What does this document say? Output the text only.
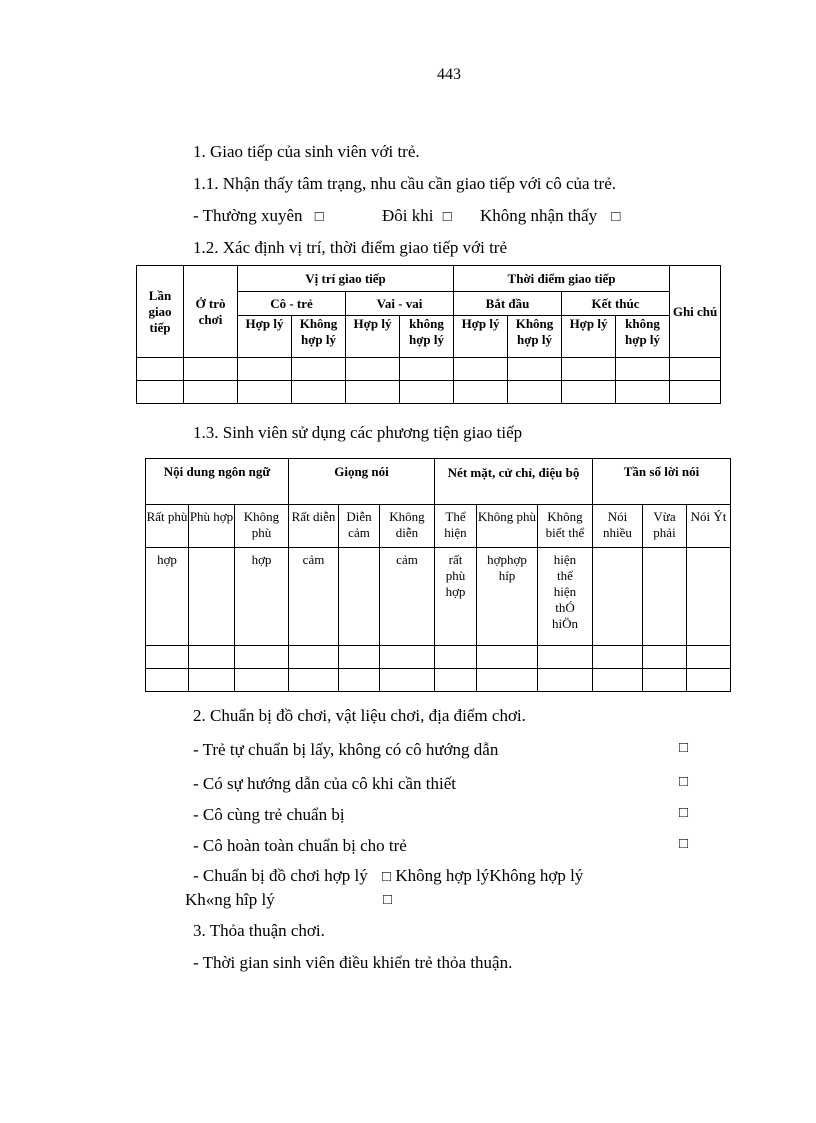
443
1. Giao tiếp của sinh viên với trẻ.
1.1. Nhận thấy tâm trạng, nhu cầu cần giao tiếp với cô của trẻ.
- Thường xuyên □	Đôi khi □ Không nhận thấy □
1.2. Xác định vị trí, thời điểm giao tiếp với trẻ
Lần giao tiếp	Ở trò chơi	Vị trí giao tiếp				Thời điểm giao tiếp				Ghi chú
		Cô - trẻ		Vai - vai		Bắt đầu		Kết thúc		
		Hợp lý	Không hợp lý	Hợp lý	không hợp lý	Hợp lý	Không hợp lý	Hợp lý	không hợp lý	

1.3. Sinh viên sử dụng các phương tiện giao tiếp
Nội dung ngôn ngữ			Giọng nói			Nét mặt, cử chỉ, điệu bộ			Tần số lời nói		
Rất phù	Phù hợp	Không phù	Rất diễn	Diễn cảm	Không diễn	Thể hiện	Không phù	Không biết thể	Nói nhiều	Vừa phải	Nói Ýt
hợp		hợp	cảm		cảm	rất phù hợp	hợphợp híp	hiện thể hiện thÓ hiÖn			

2. Chuẩn bị đồ chơi, vật liệu chơi, địa điểm chơi.
- Trẻ tự chuẩn bị lấy, không có cô hướng dẫn	□
- Có sự hướng dẫn của cô khi cần thiết	□
- Cô cùng trẻ chuẩn bị	□
- Cô hoàn toàn chuẩn bị cho trẻ	□
- Chuẩn bị đồ chơi hợp lý □ Không hợp lýKhông hợp lý
Kh«ng hîp lý	□
3. Thỏa thuận chơi.
- Thời gian sinh viên điều khiển trẻ thỏa thuận.
